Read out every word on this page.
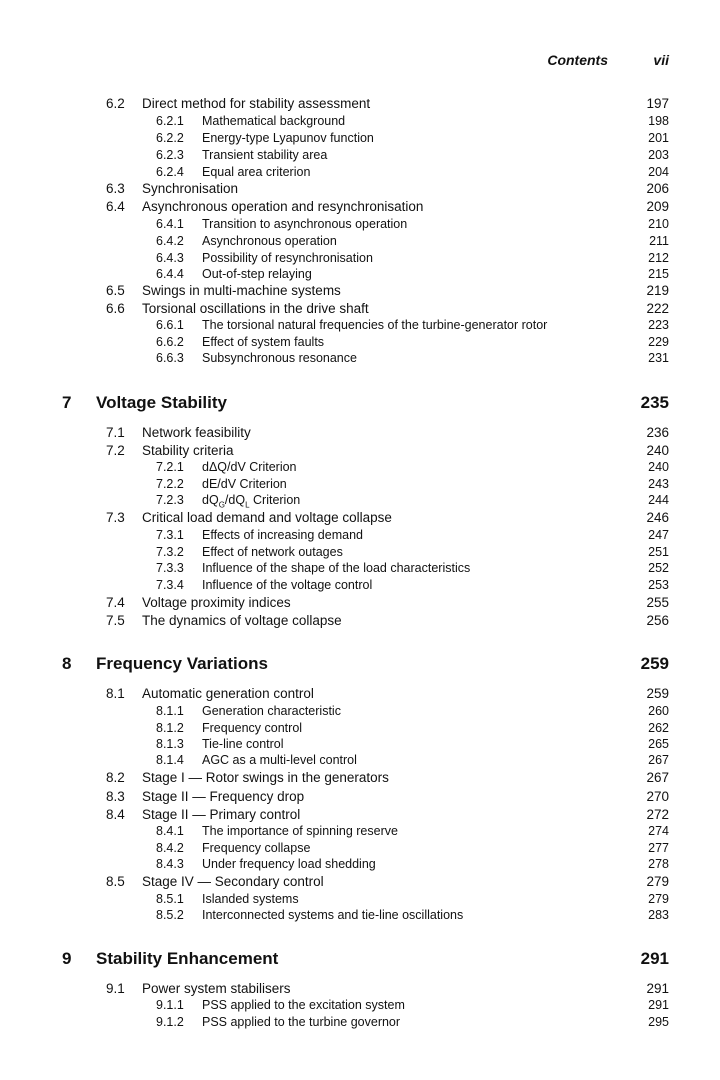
Contents	vii
6.2 Direct method for stability assessment	197
6.2.1 Mathematical background	198
6.2.2 Energy-type Lyapunov function	201
6.2.3 Transient stability area	203
6.2.4 Equal area criterion	204
6.3 Synchronisation	206
6.4 Asynchronous operation and resynchronisation	209
6.4.1 Transition to asynchronous operation	210
6.4.2 Asynchronous operation	211
6.4.3 Possibility of resynchronisation	212
6.4.4 Out-of-step relaying	215
6.5 Swings in multi-machine systems	219
6.6 Torsional oscillations in the drive shaft	222
6.6.1 The torsional natural frequencies of the turbine-generator rotor	223
6.6.2 Effect of system faults	229
6.6.3 Subsynchronous resonance	231
7 Voltage Stability	235
7.1 Network feasibility	236
7.2 Stability criteria	240
7.2.1 dΔQ/dV Criterion	240
7.2.2 dE/dV Criterion	243
7.2.3 $dQ_G/dQ_L$ Criterion	244
7.3 Critical load demand and voltage collapse	246
7.3.1 Effects of increasing demand	247
7.3.2 Effect of network outages	251
7.3.3 Influence of the shape of the load characteristics	252
7.3.4 Influence of the voltage control	253
7.4 Voltage proximity indices	255
7.5 The dynamics of voltage collapse	256
8 Frequency Variations	259
8.1 Automatic generation control	259
8.1.1 Generation characteristic	260
8.1.2 Frequency control	262
8.1.3 Tie-line control	265
8.1.4 AGC as a multi-level control	267
8.2 Stage I — Rotor swings in the generators	267
8.3 Stage II — Frequency drop	270
8.4 Stage II — Primary control	272
8.4.1 The importance of spinning reserve	274
8.4.2 Frequency collapse	277
8.4.3 Under frequency load shedding	278
8.5 Stage IV — Secondary control	279
8.5.1 Islanded systems	279
8.5.2 Interconnected systems and tie-line oscillations	283
9 Stability Enhancement	291
9.1 Power system stabilisers	291
9.1.1 PSS applied to the excitation system	291
9.1.2 PSS applied to the turbine governor	295
